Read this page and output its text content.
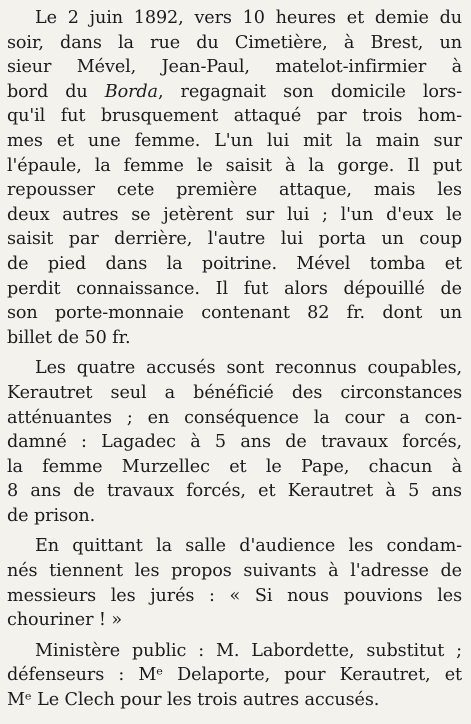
Le 2 juin 1892, vers 10 heures et demie du
soir, dans la rue du Cimetière, à Brest, un
sieur Mével, Jean-Paul, matelot-infirmier à
bord du Borda, regagnait son domicile lors-
qu'il fut brusquement attaqué par trois hom-
mes et une femme. L'un lui mit la main sur
l'épaule, la femme le saisit à la gorge. Il put
repousser cete première attaque, mais les
deux autres se jetèrent sur lui ; l'un d'eux le
saisit par derrière, l'autre lui porta un coup
de pied dans la poitrine. Mével tomba et
perdit connaissance. Il fut alors dépouillé de
son porte-monnaie contenant 82 fr. dont un
billet de 50 fr.

Les quatre accusés sont reconnus coupables,
Kerautret seul a bénéficié des circonstances
atténuantes ; en conséquence la cour a con-
damné : Lagadec à 5 ans de travaux forcés,
la femme Murzellec et le Pape, chacun à
8 ans de travaux forcés, et Kerautret à 5 ans
de prison.

En quittant la salle d'audience les condam-
nés tiennent les propos suivants à l'adresse de
messieurs les jurés : « Si nous pouvions les
chouriner ! »

Ministère public : M. Labordette, substitut ;
défenseurs : Mᵉ Delaporte, pour Kerautret, et
Mᵉ Le Clech pour les trois autres accusés.
